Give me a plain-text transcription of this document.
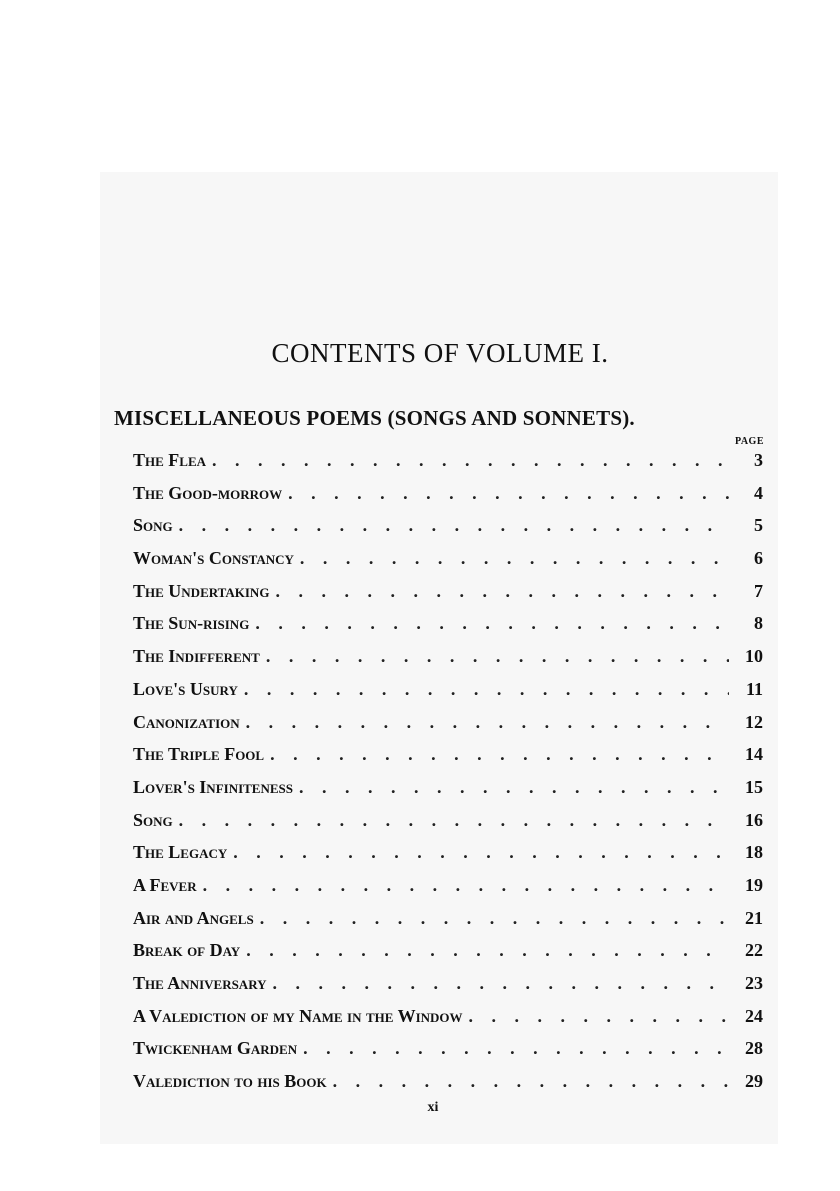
CONTENTS OF VOLUME I.
MISCELLANEOUS POEMS (SONGS AND SONNETS).
PAGE
The Flea . . .	3
The Good-morrow . . .	4
Song . . .	5
Woman's Constancy . . .	6
The Undertaking . . .	7
The Sun-rising . . .	8
The Indifferent . . .	10
Love's Usury . . .	11
Canonization . . .	12
The Triple Fool . . .	14
Lover's Infiniteness . . .	15
Song . . .	16
The Legacy . . .	18
A Fever . . .	19
Air and Angels . . .	21
Break of Day . . .	22
The Anniversary . . .	23
A Valediction of my Name in the Window . . .	24
Twickenham Garden . . .	28
Valediction to his Book . . .	29
xi
